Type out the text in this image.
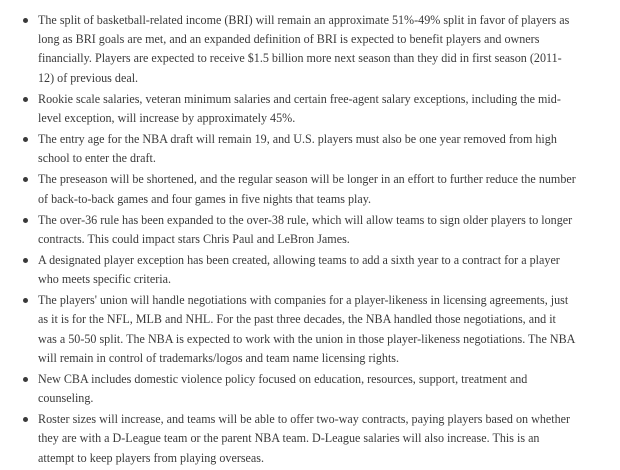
The split of basketball-related income (BRI) will remain an approximate 51%-49% split in favor of players as long as BRI goals are met, and an expanded definition of BRI is expected to benefit players and owners financially. Players are expected to receive $1.5 billion more next season than they did in first season (2011-12) of previous deal.
Rookie scale salaries, veteran minimum salaries and certain free-agent salary exceptions, including the mid-level exception, will increase by approximately 45%.
The entry age for the NBA draft will remain 19, and U.S. players must also be one year removed from high school to enter the draft.
The preseason will be shortened, and the regular season will be longer in an effort to further reduce the number of back-to-back games and four games in five nights that teams play.
The over-36 rule has been expanded to the over-38 rule, which will allow teams to sign older players to longer contracts. This could impact stars Chris Paul and LeBron James.
A designated player exception has been created, allowing teams to add a sixth year to a contract for a player who meets specific criteria.
The players' union will handle negotiations with companies for a player-likeness in licensing agreements, just as it is for the NFL, MLB and NHL. For the past three decades, the NBA handled those negotiations, and it was a 50-50 split. The NBA is expected to work with the union in those player-likeness negotiations. The NBA will remain in control of trademarks/logos and team name licensing rights.
New CBA includes domestic violence policy focused on education, resources, support, treatment and counseling.
Roster sizes will increase, and teams will be able to offer two-way contracts, paying players based on whether they are with a D-League team or the parent NBA team. D-League salaries will also increase. This is an attempt to keep players from playing overseas.
